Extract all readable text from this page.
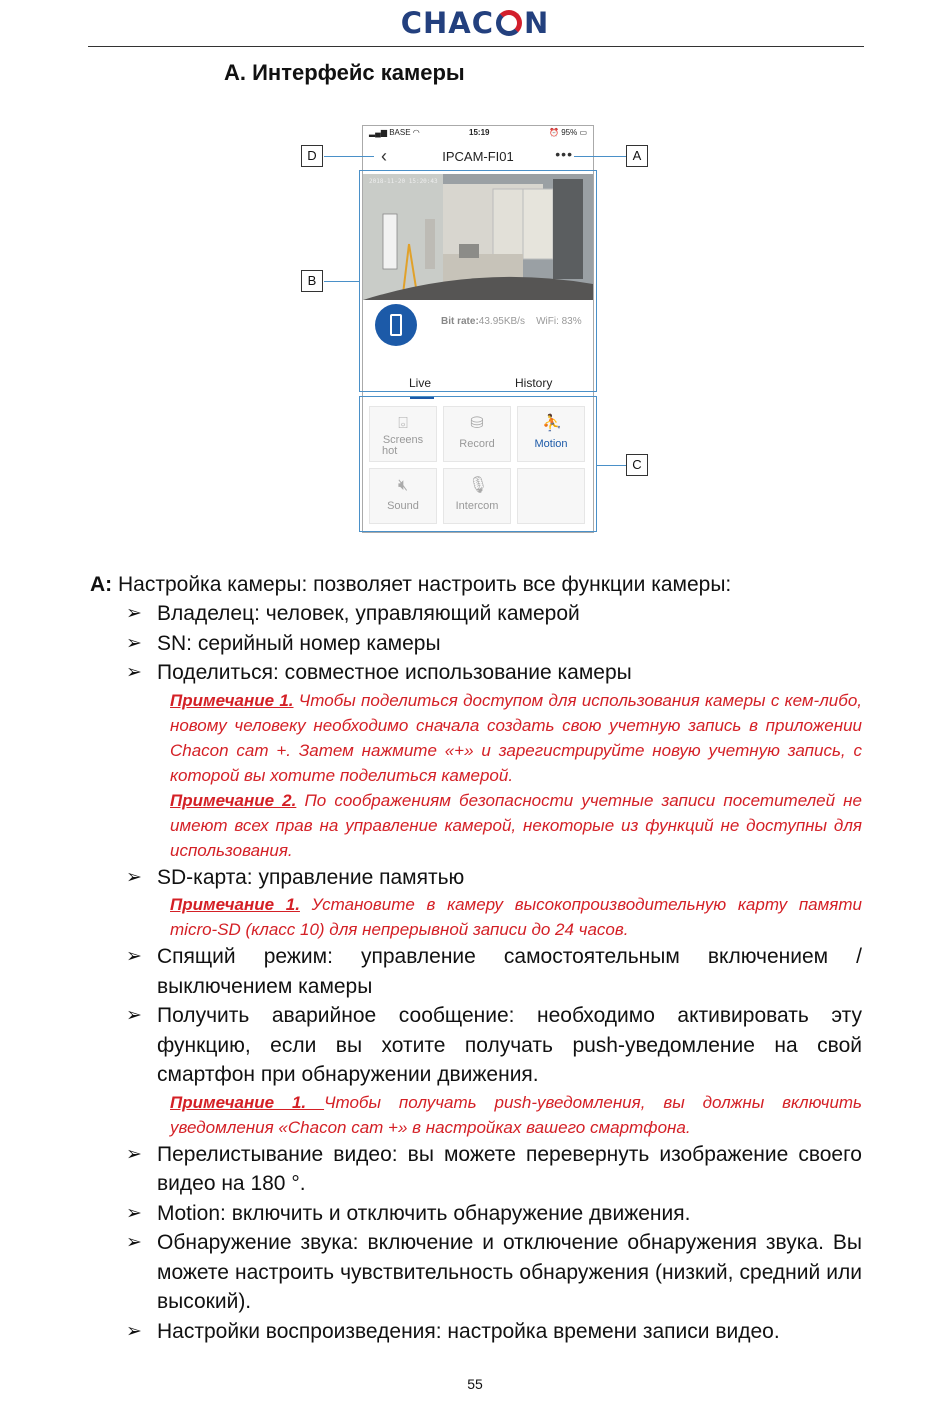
CHAC N
A. Интерфейс камеры
▂▄▆ BASE ◠	15:19	⏰ 95% ▭
‹	IPCAM-FI01	•••
2018-11-20 15:20:43
Bit rate:43.95KB/s WiFi: 83%
Live	History
⌻
Screens
hot
⛁
Record
⛹
Motion
🔇︎
Sound
🎙︎
Intercom
D	A
B
C
A: Настройка камеры: позволяет настроить все функции камеры:
➢ Владелец: человек, управляющий камерой
➢ SN: серийный номер камеры
➢ Поделиться: совместное использование камеры
Примечание 1. Чтобы поделиться доступом для использования камеры с кем-либо, новому человеку необходимо сначала создать свою учетную запись в приложении Chacon cam +. Затем нажмите «+» и зарегистрируйте новую учетную запись, с которой вы хотите поделиться камерой.
Примечание 2. По соображениям безопасности учетные записи посетителей не имеют всех прав на управление камерой, некоторые из функций не доступны для использования.
➢ SD-карта: управление памятью
Примечание 1. Установите в камеру высокопроизводительную карту памяти micro-SD (класс 10) для непрерывной записи до 24 часов.
➢ Спящий режим: управление самостоятельным включением / выключением камеры
➢ Получить аварийное сообщение: необходимо активировать эту функцию, если вы хотите получать push-уведомление на свой смартфон при обнаружении движения.
Примечание 1. Чтобы получать push-уведомления, вы должны включить уведомления «Chacon cam +» в настройках вашего смартфона.
➢ Перелистывание видео: вы можете перевернуть изображение своего видео на 180 °.
➢ Motion: включить и отключить обнаружение движения.
➢ Обнаружение звука: включение и отключение обнаружения звука. Вы можете настроить чувствительность обнаружения (низкий, средний или высокий).
➢ Настройки воспроизведения: настройка времени записи видео.
55
